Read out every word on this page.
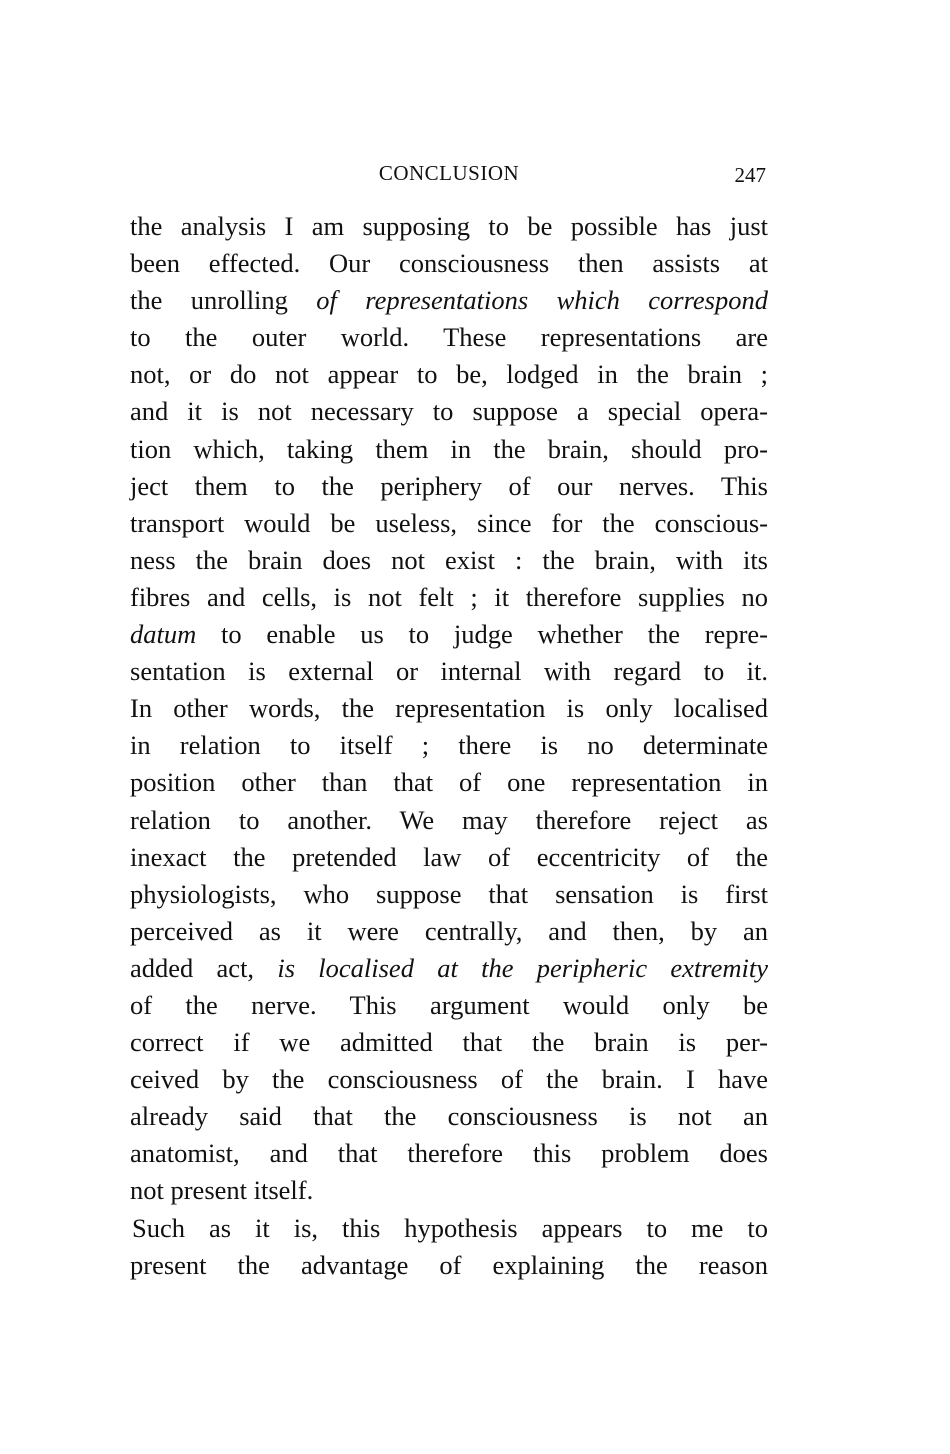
CONCLUSION	247
the analysis I am supposing to be possible has just
been effected. Our consciousness then assists at
the unrolling of representations which correspond
to the outer world. These representations are
not, or do not appear to be, lodged in the brain ;
and it is not necessary to suppose a special opera-
tion which, taking them in the brain, should pro-
ject them to the periphery of our nerves. This
transport would be useless, since for the conscious-
ness the brain does not exist : the brain, with its
fibres and cells, is not felt ; it therefore supplies no
datum to enable us to judge whether the repre-
sentation is external or internal with regard to it.
In other words, the representation is only localised
in relation to itself ; there is no determinate
position other than that of one representation in
relation to another. We may therefore reject as
inexact the pretended law of eccentricity of the
physiologists, who suppose that sensation is first
perceived as it were centrally, and then, by an
added act, is localised at the peripheric extremity
of the nerve. This argument would only be
correct if we admitted that the brain is per-
ceived by the consciousness of the brain. I have
already said that the consciousness is not an
anatomist, and that therefore this problem does
not present itself.
Such as it is, this hypothesis appears to me to
present the advantage of explaining the reason
